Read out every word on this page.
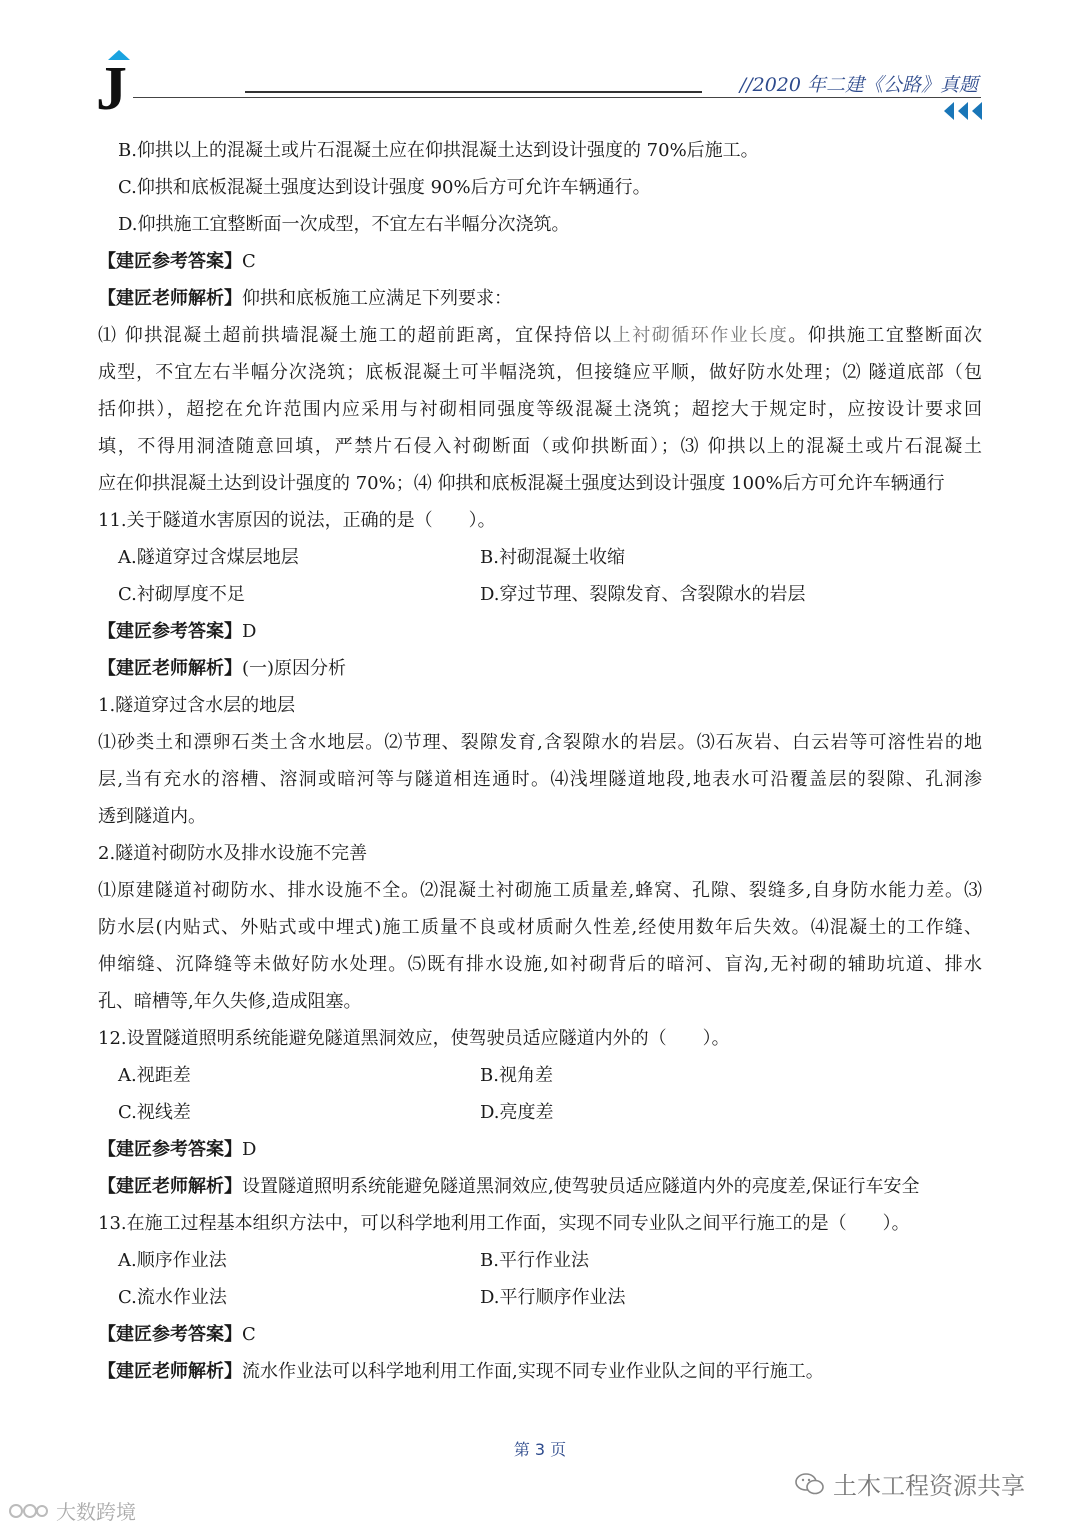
J	//2020 年二建《公路》真题
B.仰拱以上的混凝土或片石混凝土应在仰拱混凝土达到设计强度的 70%后施工。
C.仰拱和底板混凝土强度达到设计强度 90%后方可允许车辆通行。
D.仰拱施工宜整断面一次成型，不宜左右半幅分次浇筑。
【建匠参考答案】C
【建匠老师解析】仰拱和底板施工应满足下列要求：
⑴ 仰拱混凝土超前拱墙混凝土施工的超前距离，宜保持倍以上衬砌循环作业长度。仰拱施工宜整断面次
成型，不宜左右半幅分次浇筑；底板混凝土可半幅浇筑，但接缝应平顺，做好防水处理；⑵ 隧道底部（包
括仰拱），超挖在允许范围内应采用与衬砌相同强度等级混凝土浇筑；超挖大于规定时，应按设计要求回
填，不得用洞渣随意回填，严禁片石侵入衬砌断面（或仰拱断面）；⑶ 仰拱以上的混凝土或片石混凝土
应在仰拱混凝土达到设计强度的 70%；⑷ 仰拱和底板混凝土强度达到设计强度 100%后方可允许车辆通行
11.关于隧道水害原因的说法，正确的是（　　）。
A.隧道穿过含煤层地层	B.衬砌混凝土收缩
C.衬砌厚度不足	D.穿过节理、裂隙发育、含裂隙水的岩层
【建匠参考答案】D
【建匠老师解析】(一)原因分析
1.隧道穿过含水层的地层
⑴砂类土和漂卵石类土含水地层。⑵节理、裂隙发育,含裂隙水的岩层。⑶石灰岩、白云岩等可溶性岩的地
层,当有充水的溶槽、溶洞或暗河等与隧道相连通时。⑷浅埋隧道地段,地表水可沿覆盖层的裂隙、孔洞渗
透到隧道内。
2.隧道衬砌防水及排水设施不完善
⑴原建隧道衬砌防水、排水设施不全。⑵混凝土衬砌施工质量差,蜂窝、孔隙、裂缝多,自身防水能力差。⑶
防水层(内贴式、外贴式或中埋式)施工质量不良或材质耐久性差,经使用数年后失效。⑷混凝土的工作缝、
伸缩缝、沉降缝等未做好防水处理。⑸既有排水设施,如衬砌背后的暗河、盲沟,无衬砌的辅助坑道、排水
孔、暗槽等,年久失修,造成阻塞。
12.设置隧道照明系统能避免隧道黑洞效应，使驾驶员适应隧道内外的（　　）。
A.视距差	B.视角差
C.视线差	D.亮度差
【建匠参考答案】D
【建匠老师解析】设置隧道照明系统能避免隧道黑洞效应,使驾驶员适应隧道内外的亮度差,保证行车安全
13.在施工过程基本组织方法中，可以科学地利用工作面，实现不同专业队之间平行施工的是（　　）。
A.顺序作业法	B.平行作业法
C.流水作业法	D.平行顺序作业法
【建匠参考答案】C
【建匠老师解析】流水作业法可以科学地利用工作面,实现不同专业作业队之间的平行施工。
第 3 页
土木工程资源共享
大数跨境
